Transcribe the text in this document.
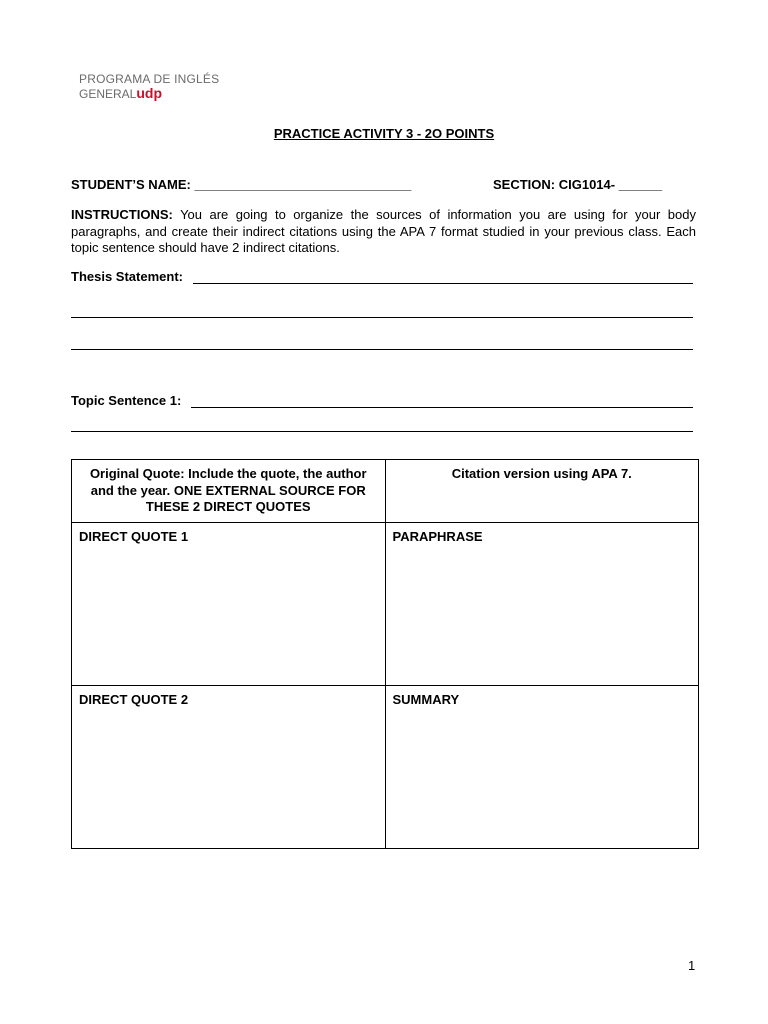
PROGRAMA DE INGLÉS
GENERALudp
PRACTICE ACTIVITY 3 - 2O POINTS
STUDENT’S NAME: ______________________________	SECTION: CIG1014- ______
INSTRUCTIONS: You are going to organize the sources of information you are using for your body paragraphs, and create their indirect citations using the APA 7 format studied in your previous class. Each topic sentence should have 2 indirect citations.
Thesis Statement:
Topic Sentence 1:
Original Quote: Include the quote, the author and the year. ONE EXTERNAL SOURCE FOR THESE 2 DIRECT QUOTES	Citation version using APA 7.
DIRECT QUOTE 1	PARAPHRASE
DIRECT QUOTE 2	SUMMARY
1
